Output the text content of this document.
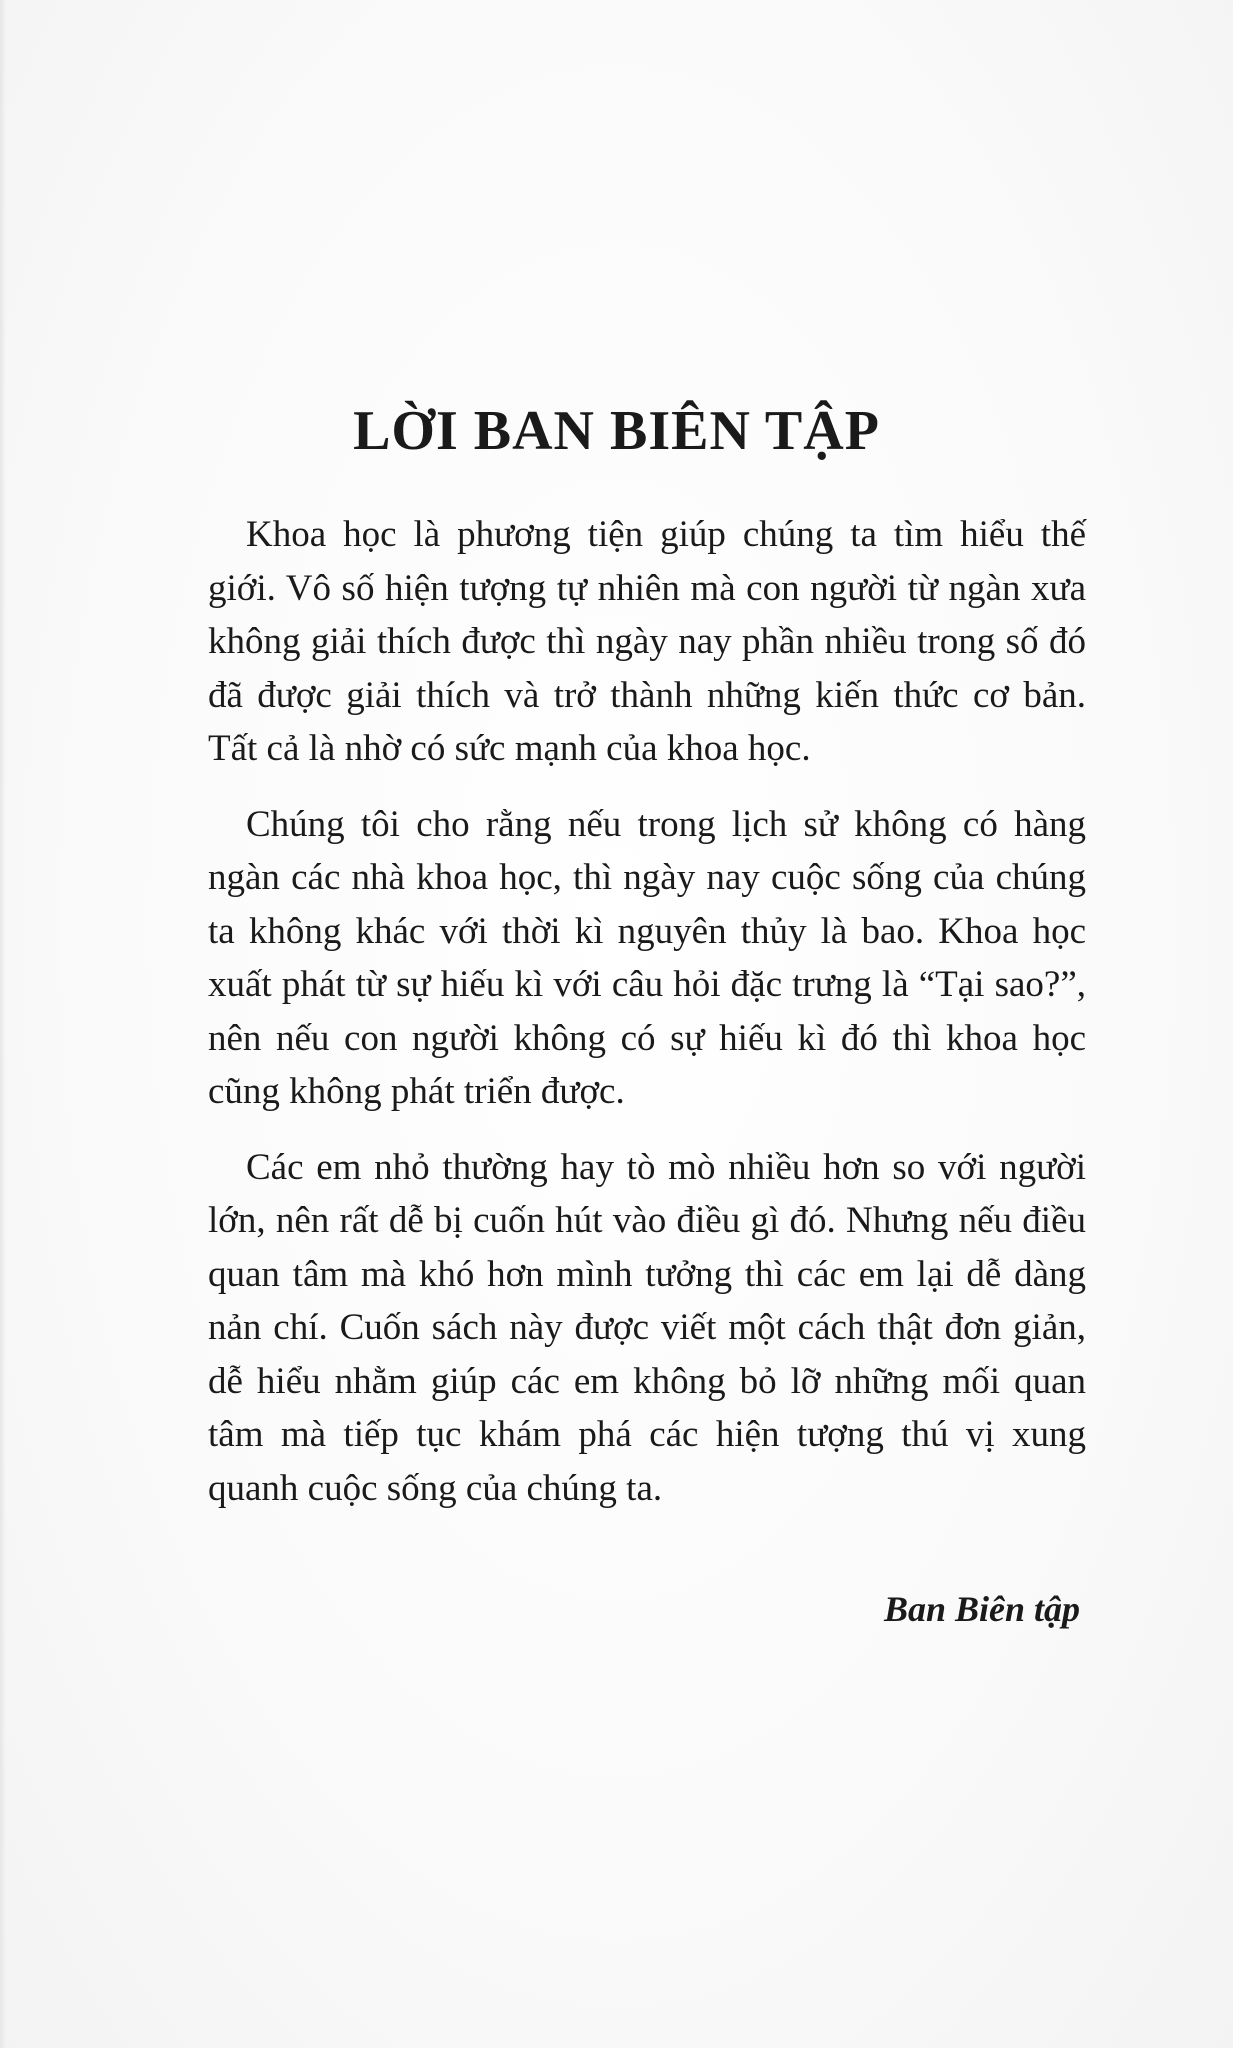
LỜI BAN BIÊN TẬP

Khoa học là phương tiện giúp chúng ta tìm hiểu thế giới. Vô số hiện tượng tự nhiên mà con người từ ngàn xưa không giải thích được thì ngày nay phần nhiều trong số đó đã được giải thích và trở thành những kiến thức cơ bản. Tất cả là nhờ có sức mạnh của khoa học.

Chúng tôi cho rằng nếu trong lịch sử không có hàng ngàn các nhà khoa học, thì ngày nay cuộc sống của chúng ta không khác với thời kì nguyên thủy là bao. Khoa học xuất phát từ sự hiếu kì với câu hỏi đặc trưng là “Tại sao?”, nên nếu con người không có sự hiếu kì đó thì khoa học cũng không phát triển được.

Các em nhỏ thường hay tò mò nhiều hơn so với người lớn, nên rất dễ bị cuốn hút vào điều gì đó. Nhưng nếu điều quan tâm mà khó hơn mình tưởng thì các em lại dễ dàng nản chí. Cuốn sách này được viết một cách thật đơn giản, dễ hiểu nhằm giúp các em không bỏ lỡ những mối quan tâm mà tiếp tục khám phá các hiện tượng thú vị xung quanh cuộc sống của chúng ta.

Ban Biên tập
